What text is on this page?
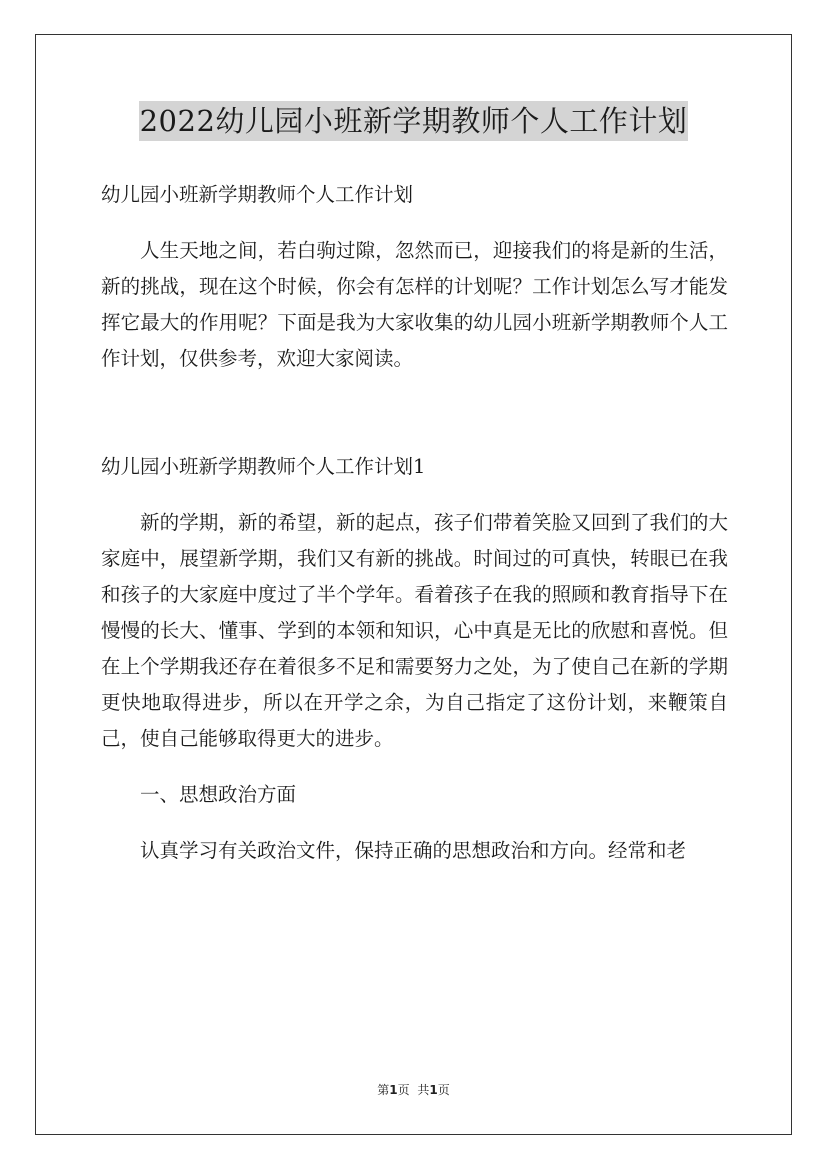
2022幼儿园小班新学期教师个人工作计划

幼儿园小班新学期教师个人工作计划

人生天地之间，若白驹过隙，忽然而已，迎接我们的将是新的生活，新的挑战，现在这个时候，你会有怎样的计划呢？工作计划怎么写才能发挥它最大的作用呢？下面是我为大家收集的幼儿园小班新学期教师个人工作计划，仅供参考，欢迎大家阅读。

幼儿园小班新学期教师个人工作计划1

新的学期，新的希望，新的起点，孩子们带着笑脸又回到了我们的大家庭中，展望新学期，我们又有新的挑战。时间过的可真快，转眼已在我和孩子的大家庭中度过了半个学年。看着孩子在我的照顾和教育指导下在慢慢的长大、懂事、学到的本领和知识，心中真是无比的欣慰和喜悦。但在上个学期我还存在着很多不足和需要努力之处，为了使自己在新的学期更快地取得进步，所以在开学之余，为自己指定了这份计划，来鞭策自己，使自己能够取得更大的进步。

一、思想政治方面

认真学习有关政治文件，保持正确的思想政治和方向。经常和老

第1页 共1页
